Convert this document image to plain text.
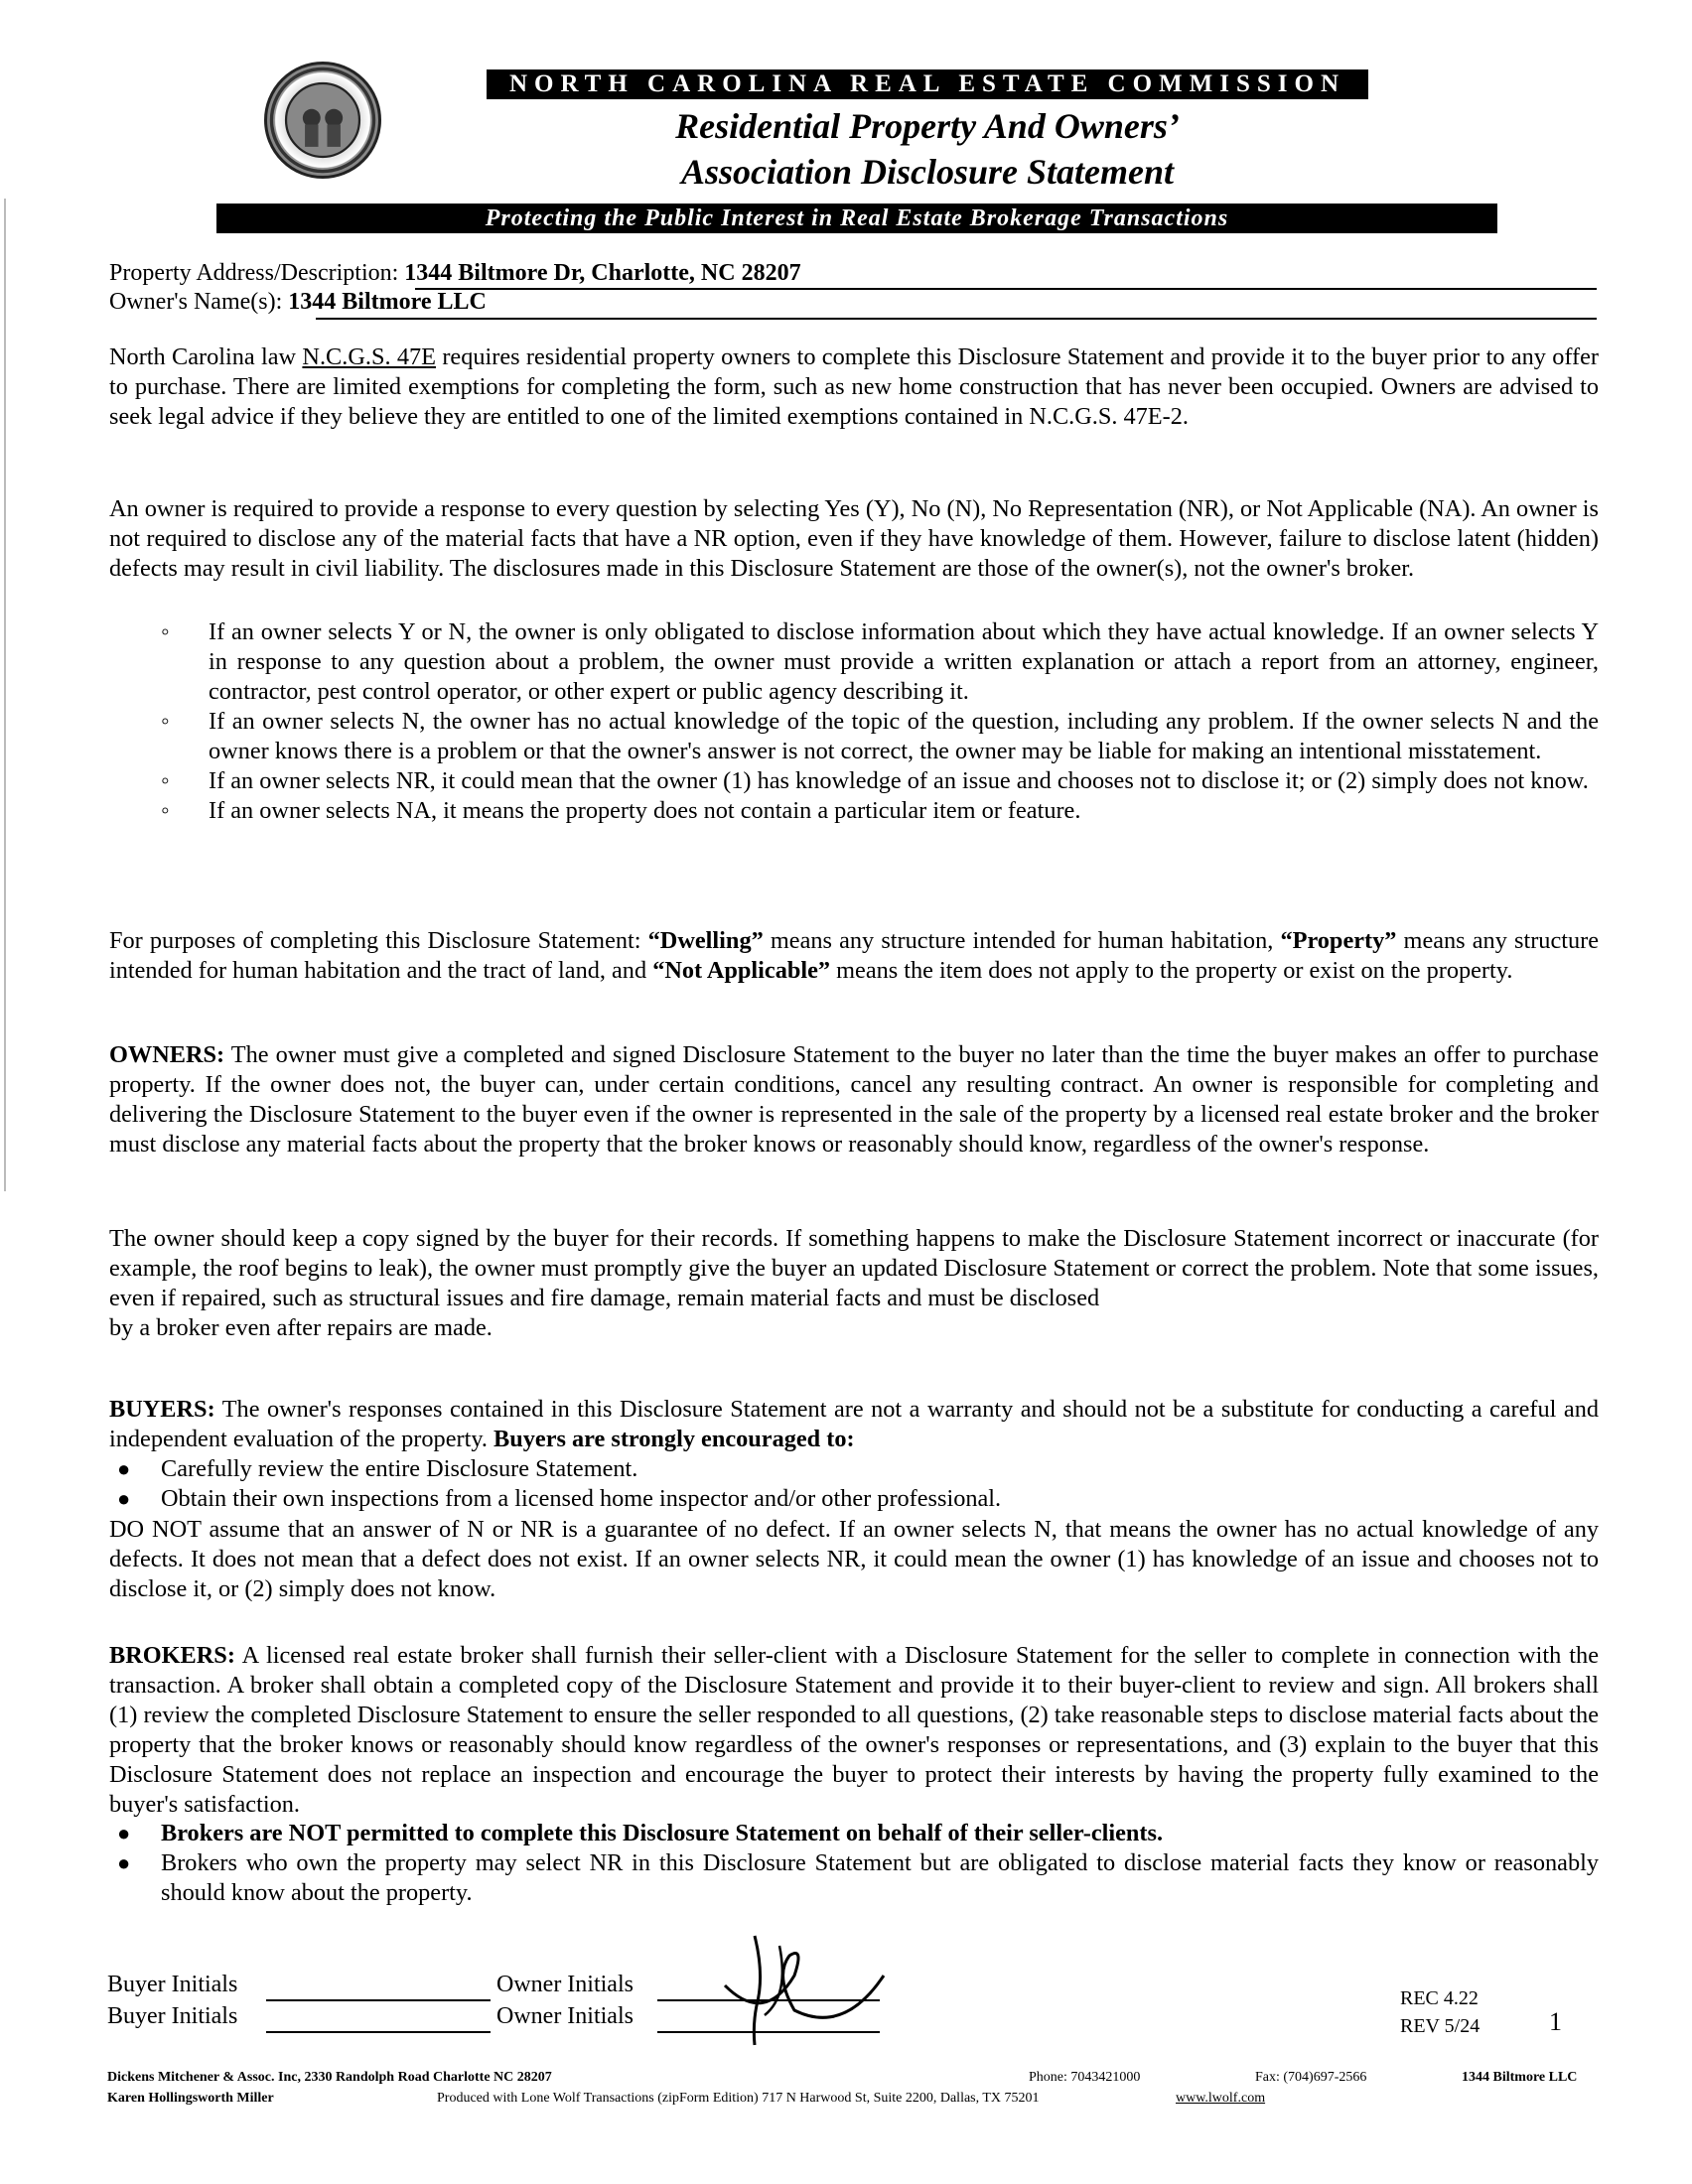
NORTH CAROLINA REAL ESTATE COMMISSION
Residential Property And Owners’
Association Disclosure Statement
Protecting the Public Interest in Real Estate Brokerage Transactions
Property Address/Description: 1344 Biltmore Dr, Charlotte, NC 28207
Owner's Name(s): 1344 Biltmore LLC
North Carolina law N.C.G.S. 47E requires residential property owners to complete this Disclosure Statement and provide it to the buyer prior to any offer to purchase. There are limited exemptions for completing the form, such as new home construction that has never been occupied. Owners are advised to seek legal advice if they believe they are entitled to one of the limited exemptions contained in N.C.G.S. 47E-2.
An owner is required to provide a response to every question by selecting Yes (Y), No (N), No Representation (NR), or Not Applicable (NA). An owner is not required to disclose any of the material facts that have a NR option, even if they have knowledge of them. However, failure to disclose latent (hidden) defects may result in civil liability. The disclosures made in this Disclosure Statement are those of the owner(s), not the owner's broker.
◦ If an owner selects Y or N, the owner is only obligated to disclose information about which they have actual knowledge. If an owner selects Y in response to any question about a problem, the owner must provide a written explanation or attach a report from an attorney, engineer, contractor, pest control operator, or other expert or public agency describing it.
◦ If an owner selects N, the owner has no actual knowledge of the topic of the question, including any problem. If the owner selects N and the owner knows there is a problem or that the owner's answer is not correct, the owner may be liable for making an intentional misstatement.
◦ If an owner selects NR, it could mean that the owner (1) has knowledge of an issue and chooses not to disclose it; or (2) simply does not know.
◦ If an owner selects NA, it means the property does not contain a particular item or feature.
For purposes of completing this Disclosure Statement: “Dwelling” means any structure intended for human habitation, “Property” means any structure intended for human habitation and the tract of land, and “Not Applicable” means the item does not apply to the property or exist on the property.
OWNERS: The owner must give a completed and signed Disclosure Statement to the buyer no later than the time the buyer makes an offer to purchase property. If the owner does not, the buyer can, under certain conditions, cancel any resulting contract. An owner is responsible for completing and delivering the Disclosure Statement to the buyer even if the owner is represented in the sale of the property by a licensed real estate broker and the broker must disclose any material facts about the property that the broker knows or reasonably should know, regardless of the owner's response.
The owner should keep a copy signed by the buyer for their records. If something happens to make the Disclosure Statement incorrect or inaccurate (for example, the roof begins to leak), the owner must promptly give the buyer an updated Disclosure Statement or correct the problem. Note that some issues, even if repaired, such as structural issues and fire damage, remain material facts and must be disclosed
by a broker even after repairs are made.
BUYERS: The owner's responses contained in this Disclosure Statement are not a warranty and should not be a substitute for conducting a careful and independent evaluation of the property. Buyers are strongly encouraged to:
● Carefully review the entire Disclosure Statement.
● Obtain their own inspections from a licensed home inspector and/or other professional.
DO NOT assume that an answer of N or NR is a guarantee of no defect. If an owner selects N, that means the owner has no actual knowledge of any defects. It does not mean that a defect does not exist. If an owner selects NR, it could mean the owner (1) has knowledge of an issue and chooses not to disclose it, or (2) simply does not know.
BROKERS: A licensed real estate broker shall furnish their seller-client with a Disclosure Statement for the seller to complete in connection with the transaction. A broker shall obtain a completed copy of the Disclosure Statement and provide it to their buyer-client to review and sign. All brokers shall (1) review the completed Disclosure Statement to ensure the seller responded to all questions, (2) take reasonable steps to disclose material facts about the property that the broker knows or reasonably should know regardless of the owner's responses or representations, and (3) explain to the buyer that this Disclosure Statement does not replace an inspection and encourage the buyer to protect their interests by having the property fully examined to the buyer's satisfaction.
● Brokers are NOT permitted to complete this Disclosure Statement on behalf of their seller-clients.
● Brokers who own the property may select NR in this Disclosure Statement but are obligated to disclose material facts they know or reasonably should know about the property.
Buyer Initials	Owner Initials
Buyer Initials	Owner Initials
REC 4.22
REV 5/24	1
Dickens Mitchener & Assoc. Inc, 2330 Randolph Road Charlotte NC 28207
Karen Hollingsworth Miller	Produced with Lone Wolf Transactions (zipForm Edition) 717 N Harwood St, Suite 2200, Dallas, TX 75201	www.lwolf.com
Phone: 7043421000	Fax: (704)697-2566	1344 Biltmore LLC
